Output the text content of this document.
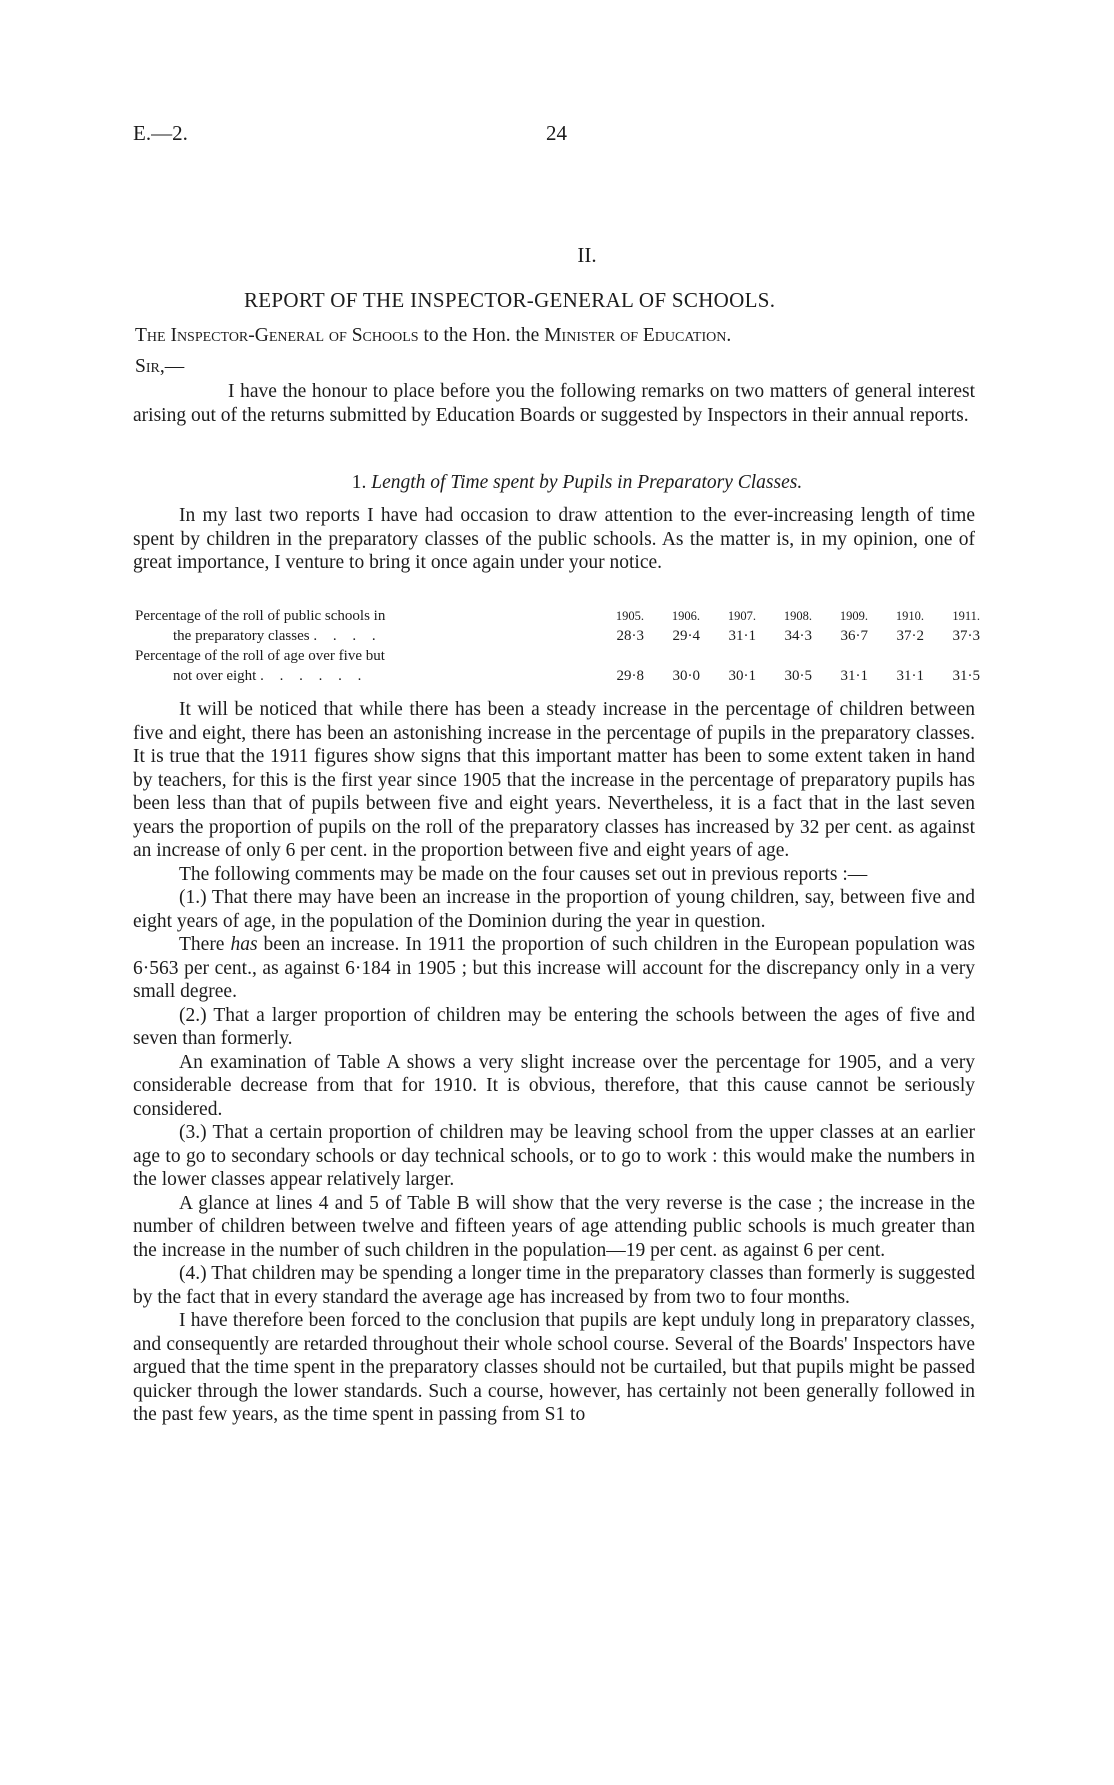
E.—2.	24
II.
REPORT OF THE INSPECTOR-GENERAL OF SCHOOLS.
The Inspector-General of Schools to the Hon. the Minister of Education.
Sir,—

I have the honour to place before you the following remarks on two matters of general interest arising out of the returns submitted by Education Boards or suggested by Inspectors in their annual reports.

1. Length of Time spent by Pupils in Preparatory Classes.

In my last two reports I have had occasion to draw attention to the ever-increasing length of time spent by children in the preparatory classes of the public schools. As the matter is, in my opinion, one of great importance, I venture to bring it once again under your notice.

Percentage of the roll of public schools in	1905.	1906.	1907.	1908.	1909.	1910.	1911.
the preparatory classes . . . .	28·3	29·4	31·1	34·3	36·7	37·2	37·3
Percentage of the roll of age over five but							
not over eight . . . . . .	29·8	30·0	30·1	30·5	31·1	31·1	31·5

It will be noticed that while there has been a steady increase in the percentage of children between five and eight, there has been an astonishing increase in the percentage of pupils in the preparatory classes. It is true that the 1911 figures show signs that this important matter has been to some extent taken in hand by teachers, for this is the first year since 1905 that the increase in the percentage of preparatory pupils has been less than that of pupils between five and eight years. Nevertheless, it is a fact that in the last seven years the proportion of pupils on the roll of the preparatory classes has increased by 32 per cent. as against an increase of only 6 per cent. in the proportion between five and eight years of age.

The following comments may be made on the four causes set out in previous reports :—

(1.) That there may have been an increase in the proportion of young children, say, between five and eight years of age, in the population of the Dominion during the year in question.

There has been an increase. In 1911 the proportion of such children in the European population was 6·563 per cent., as against 6·184 in 1905 ; but this increase will account for the discrepancy only in a very small degree.

(2.) That a larger proportion of children may be entering the schools between the ages of five and seven than formerly.

An examination of Table A shows a very slight increase over the percentage for 1905, and a very considerable decrease from that for 1910. It is obvious, therefore, that this cause cannot be seriously considered.

(3.) That a certain proportion of children may be leaving school from the upper classes at an earlier age to go to secondary schools or day technical schools, or to go to work : this would make the numbers in the lower classes appear relatively larger.

A glance at lines 4 and 5 of Table B will show that the very reverse is the case ; the increase in the number of children between twelve and fifteen years of age attending public schools is much greater than the increase in the number of such children in the population—19 per cent. as against 6 per cent.

(4.) That children may be spending a longer time in the preparatory classes than formerly is suggested by the fact that in every standard the average age has increased by from two to four months.

I have therefore been forced to the conclusion that pupils are kept unduly long in preparatory classes, and consequently are retarded throughout their whole school course. Several of the Boards' Inspectors have argued that the time spent in the preparatory classes should not be curtailed, but that pupils might be passed quicker through the lower standards. Such a course, however, has certainly not been generally followed in the past few years, as the time spent in passing from S1 to
